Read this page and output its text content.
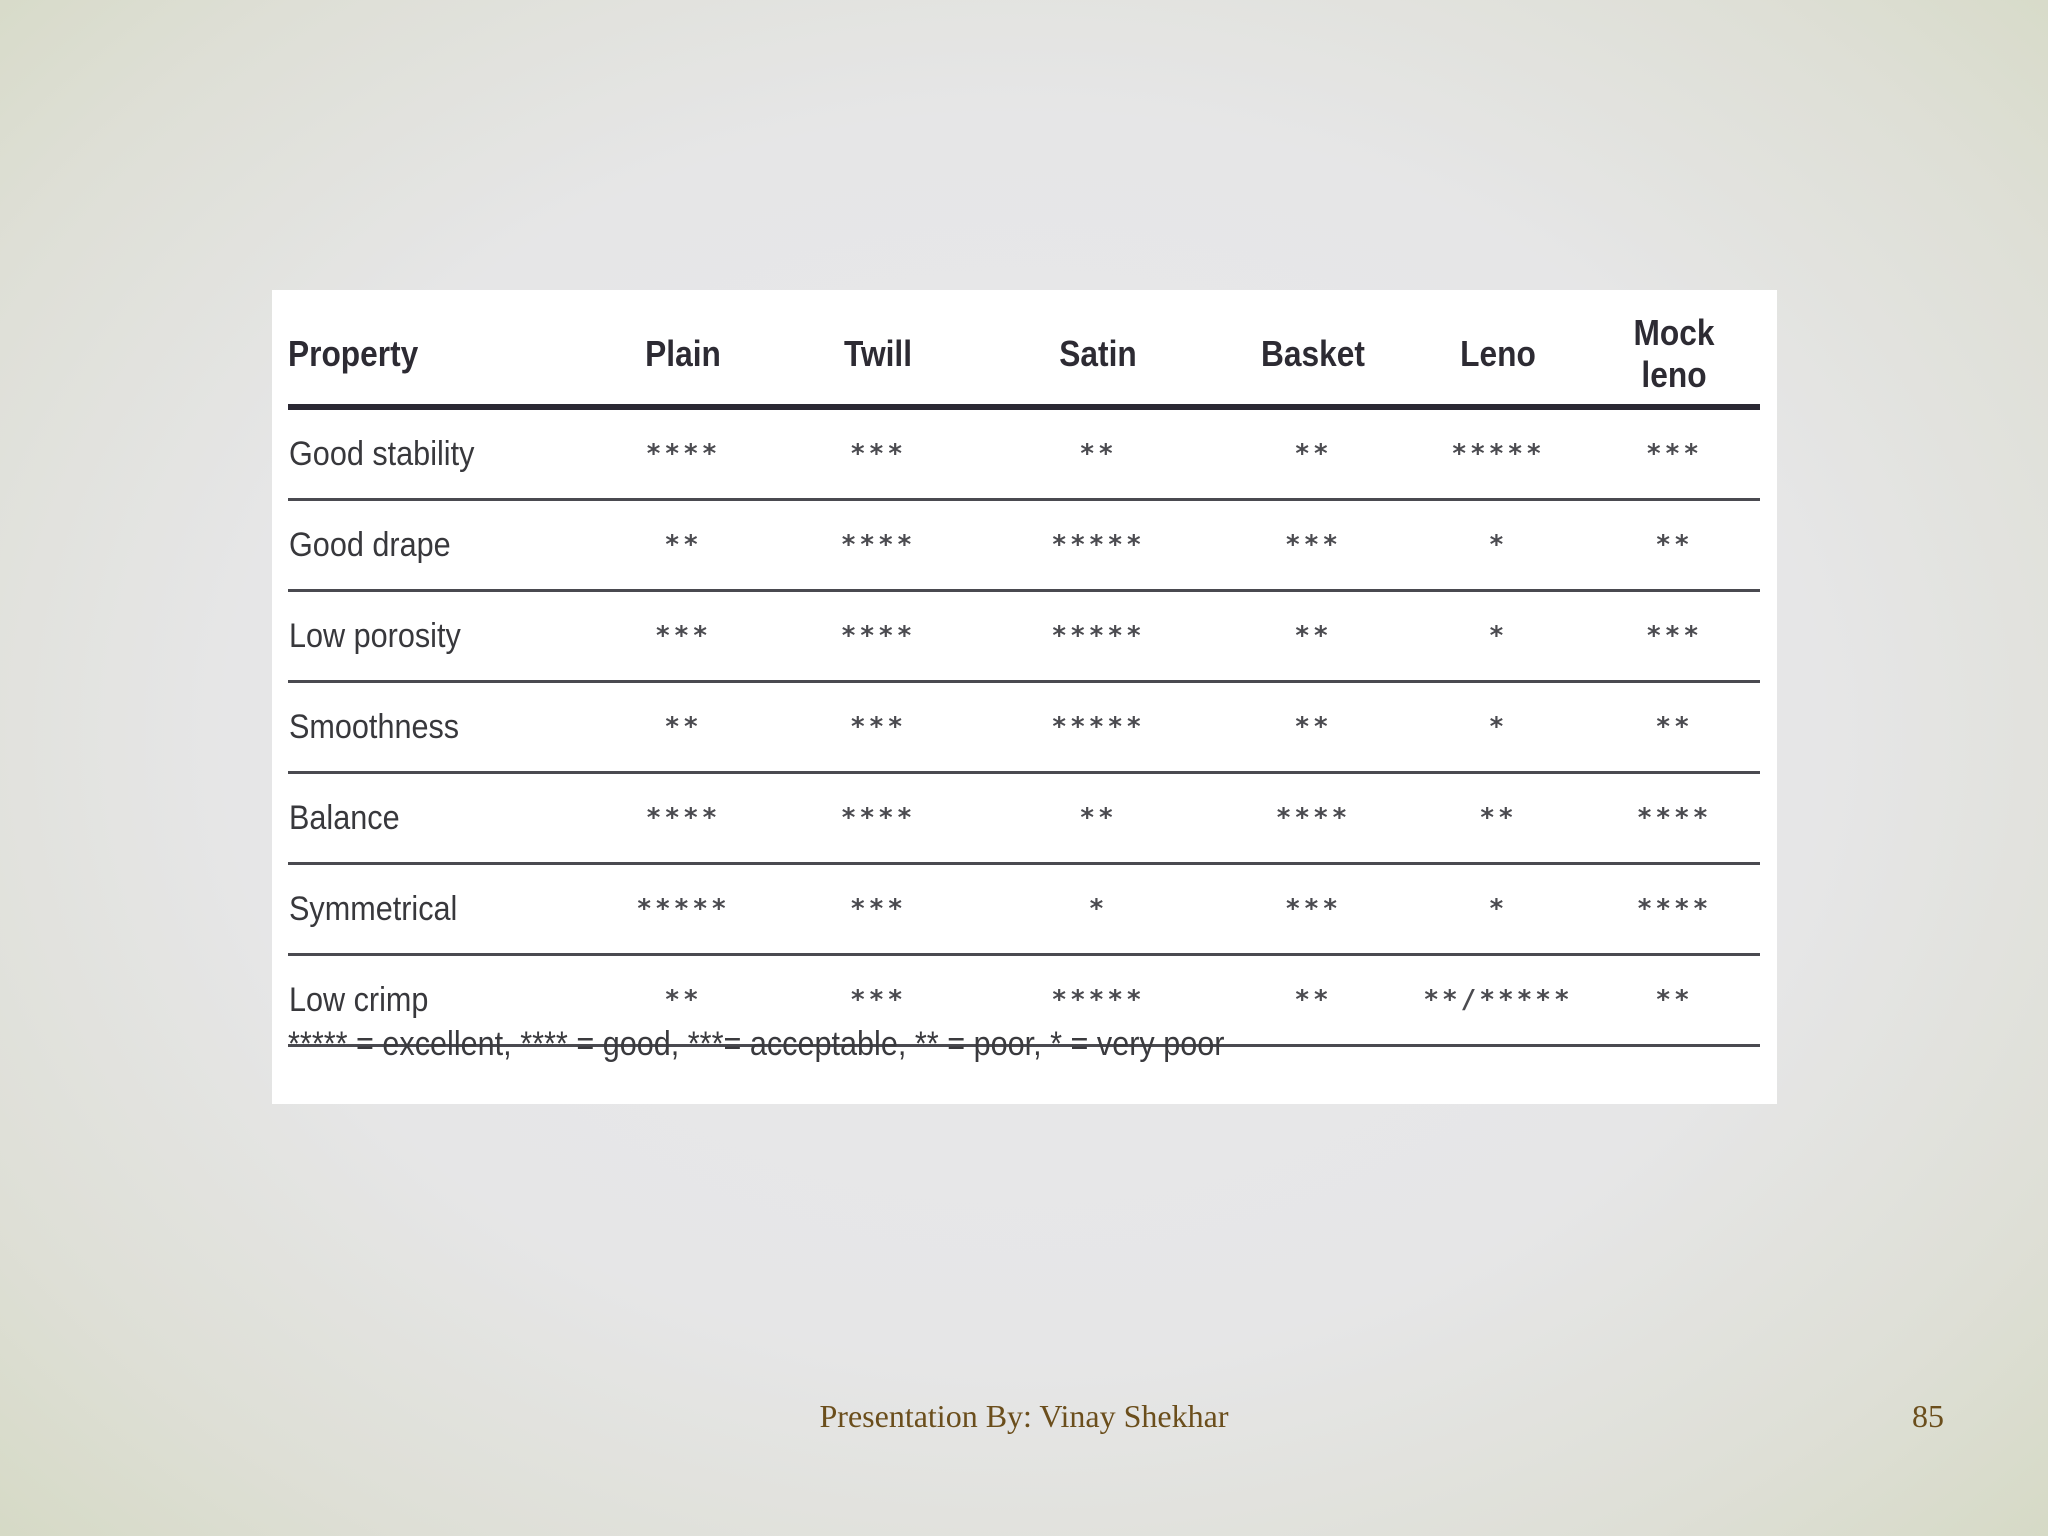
Property	Plain	Twill	Satin	Basket	Leno	Mock leno
Good stability	****	***	**	**	*****	***
Good drape	**	****	*****	***	*	**
Low porosity	***	****	*****	**	*	***
Smoothness	**	***	*****	**	*	**
Balance	****	****	**	****	**	****
Symmetrical	*****	***	*	***	*	****
Low crimp	**	***	*****	**	**/*****	**
***** = excellent, **** = good, ***= acceptable, ** = poor, * = very poor
Presentation By: Vinay Shekhar	85
